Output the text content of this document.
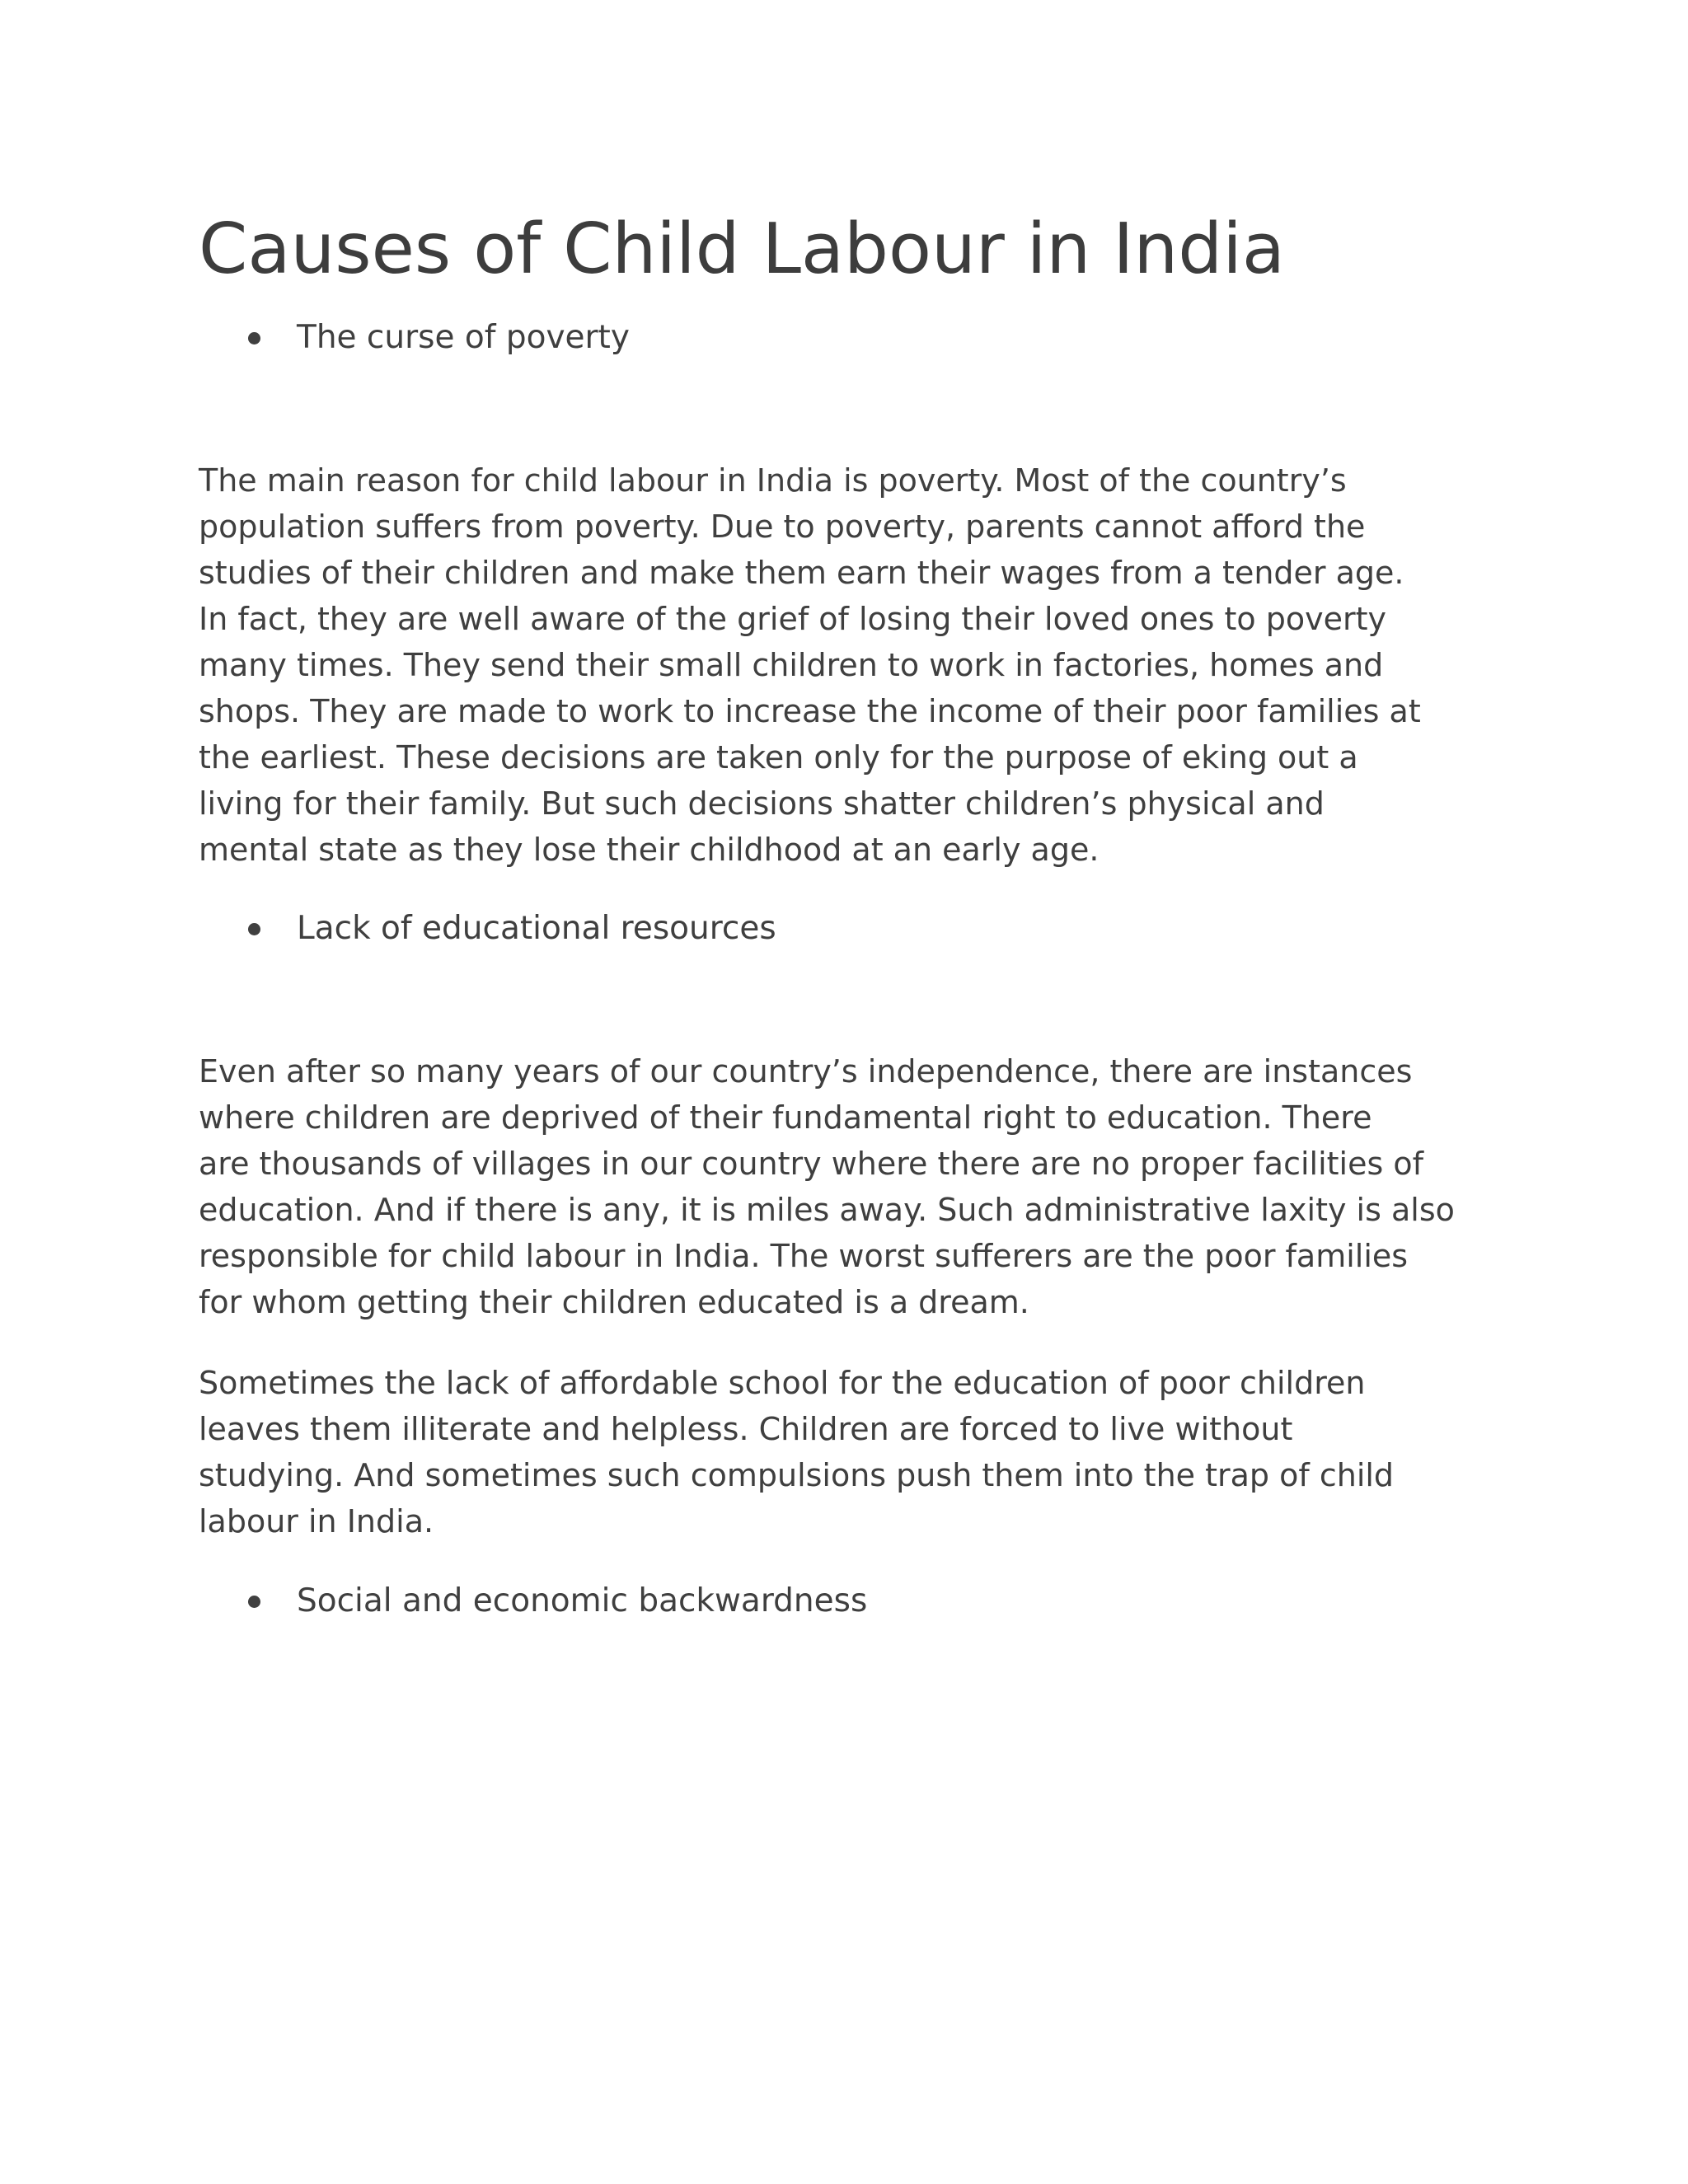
Causes of Child Labour in India
The curse of poverty

The main reason for child labour in India is poverty. Most of the country’s
population suffers from poverty. Due to poverty, parents cannot afford the
studies of their children and make them earn their wages from a tender age.
In fact, they are well aware of the grief of losing their loved ones to poverty
many times. They send their small children to work in factories, homes and
shops. They are made to work to increase the income of their poor families at
the earliest. These decisions are taken only for the purpose of eking out a
living for their family. But such decisions shatter children’s physical and
mental state as they lose their childhood at an early age.

Lack of educational resources

Even after so many years of our country’s independence, there are instances
where children are deprived of their fundamental right to education. There
are thousands of villages in our country where there are no proper facilities of
education. And if there is any, it is miles away. Such administrative laxity is also
responsible for child labour in India. The worst sufferers are the poor families
for whom getting their children educated is a dream.

Sometimes the lack of affordable school for the education of poor children
leaves them illiterate and helpless. Children are forced to live without
studying. And sometimes such compulsions push them into the trap of child
labour in India.

Social and economic backwardness
